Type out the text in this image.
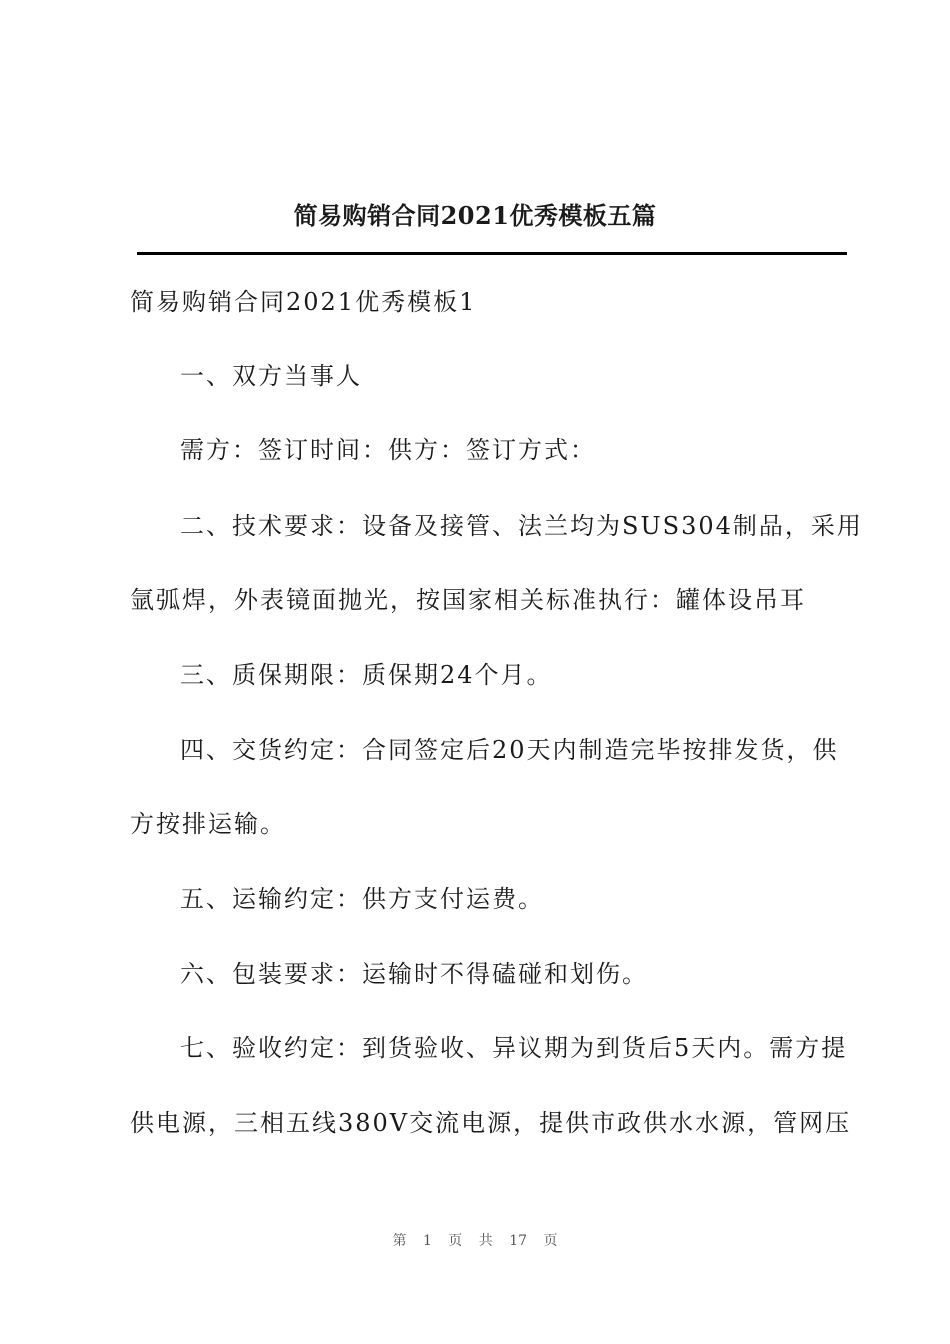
简易购销合同2021优秀模板五篇
简易购销合同2021优秀模板1
一、双方当事人
需方：签订时间：供方：签订方式：
二、技术要求：设备及接管、法兰均为SUS304制品，采用
氩弧焊，外表镜面抛光，按国家相关标准执行：罐体设吊耳
三、质保期限：质保期24个月。
四、交货约定：合同签定后20天内制造完毕按排发货，供
方按排运输。
五、运输约定：供方支付运费。
六、包装要求：运输时不得磕碰和划伤。
七、验收约定：到货验收、异议期为到货后5天内。需方提
供电源，三相五线380V交流电源，提供市政供水水源，管网压
第 1 页 共 17 页
